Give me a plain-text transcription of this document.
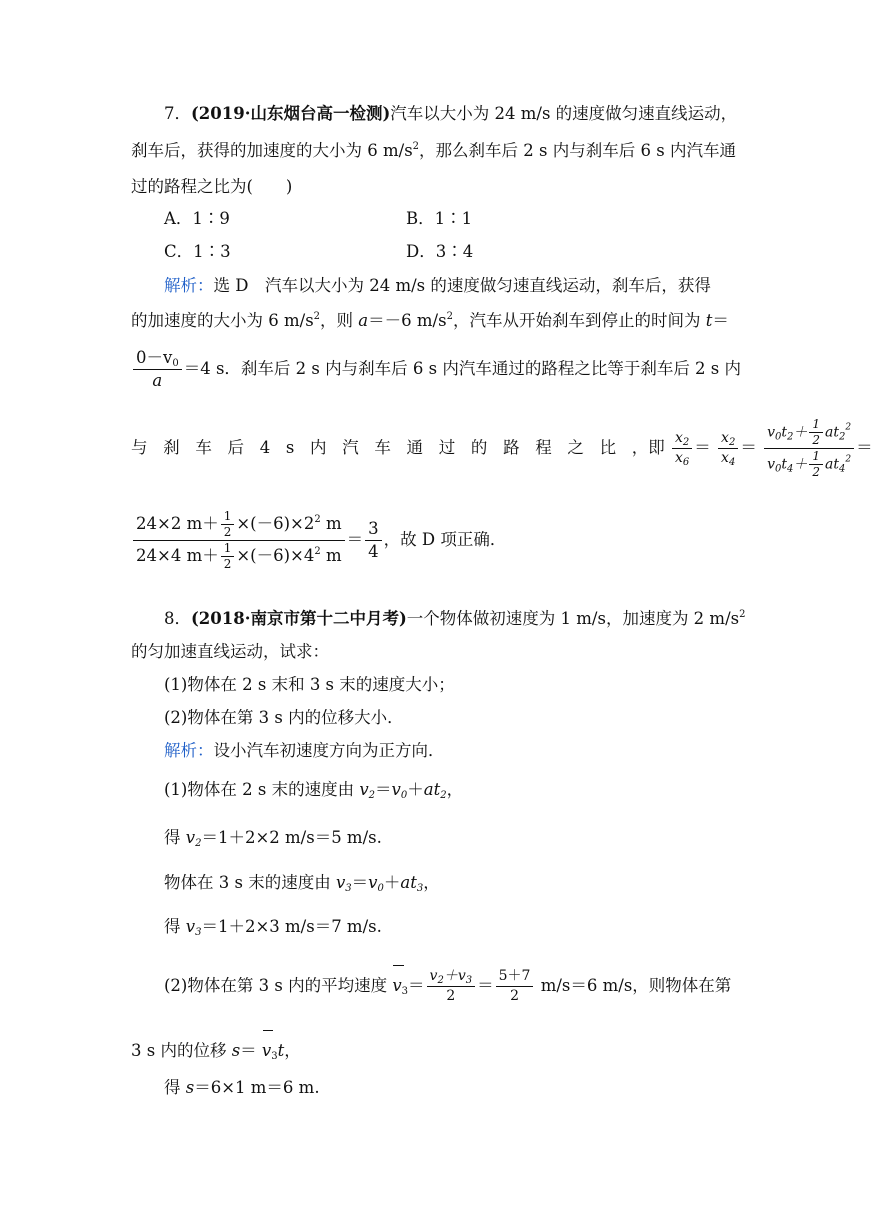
7．(2019·山东烟台高一检测)汽车以大小为 24 m/s 的速度做匀速直线运动，
刹车后，获得的加速度的大小为 6 $m/s^2$，那么刹车后 2 s 内与刹车后 6 s 内汽车通
过的路程之比为(　　)
A．1∶9	B．1∶1
C．1∶3	D．3∶4
解析：选 D　汽车以大小为 24 m/s 的速度做匀速直线运动，刹车后，获得
的加速度的大小为 6 $m/s^2$，则 a＝－6 $m/s^2$，汽车从开始刹车到停止的时间为 t＝
$\frac{0-v_0}{a} =4$ s．刹车后 2 s 内与刹车后 6 s 内汽车通过的路程之比等于刹车后 2 s 内
与刹车后4s内汽车通过的路程之比，即 $\frac{x_2}{x_6} = \frac{x_2}{x_4} = \frac{v_0t_2+ \frac{1}{2} at_2^2}{v_0t_4+ \frac{1}{2} at_4^2}$ ＝
$\frac{24\times 2 m+ \frac{1}{2} \times(-6)\times 2^2 m}{24\times 4 m+ \frac{1}{2} \times(-6)\times 4^2 m} = \frac{3}{4}$ ，故 D 项正确．
8．(2018·南京市第十二中月考)一个物体做初速度为 1 m/s，加速度为 2 $m/s^2$
的匀加速直线运动，试求：
(1)物体在 2 s 末和 3 s 末的速度大小；
(2)物体在第 3 s 内的位移大小．
解析：设小汽车初速度方向为正方向．
(1)物体在 2 s 末的速度由 $v_2=v_0+at_2$，
得 $v_2=1+2\times 2$ m/s＝5 m/s.
物体在 3 s 末的速度由 $v_3=v_0+at_3$，
得 $v_3=1+2\times 3$ m/s＝7 m/s.
(2)物体在第 3 s 内的平均速度 $v_3= \frac{v_2+v_3}{2} = \frac{5+7}{2} m/s=6$ m/s，则物体在第
3 s 内的位移 $s= v_3t$，
得 s＝6×1 m＝6 m.
